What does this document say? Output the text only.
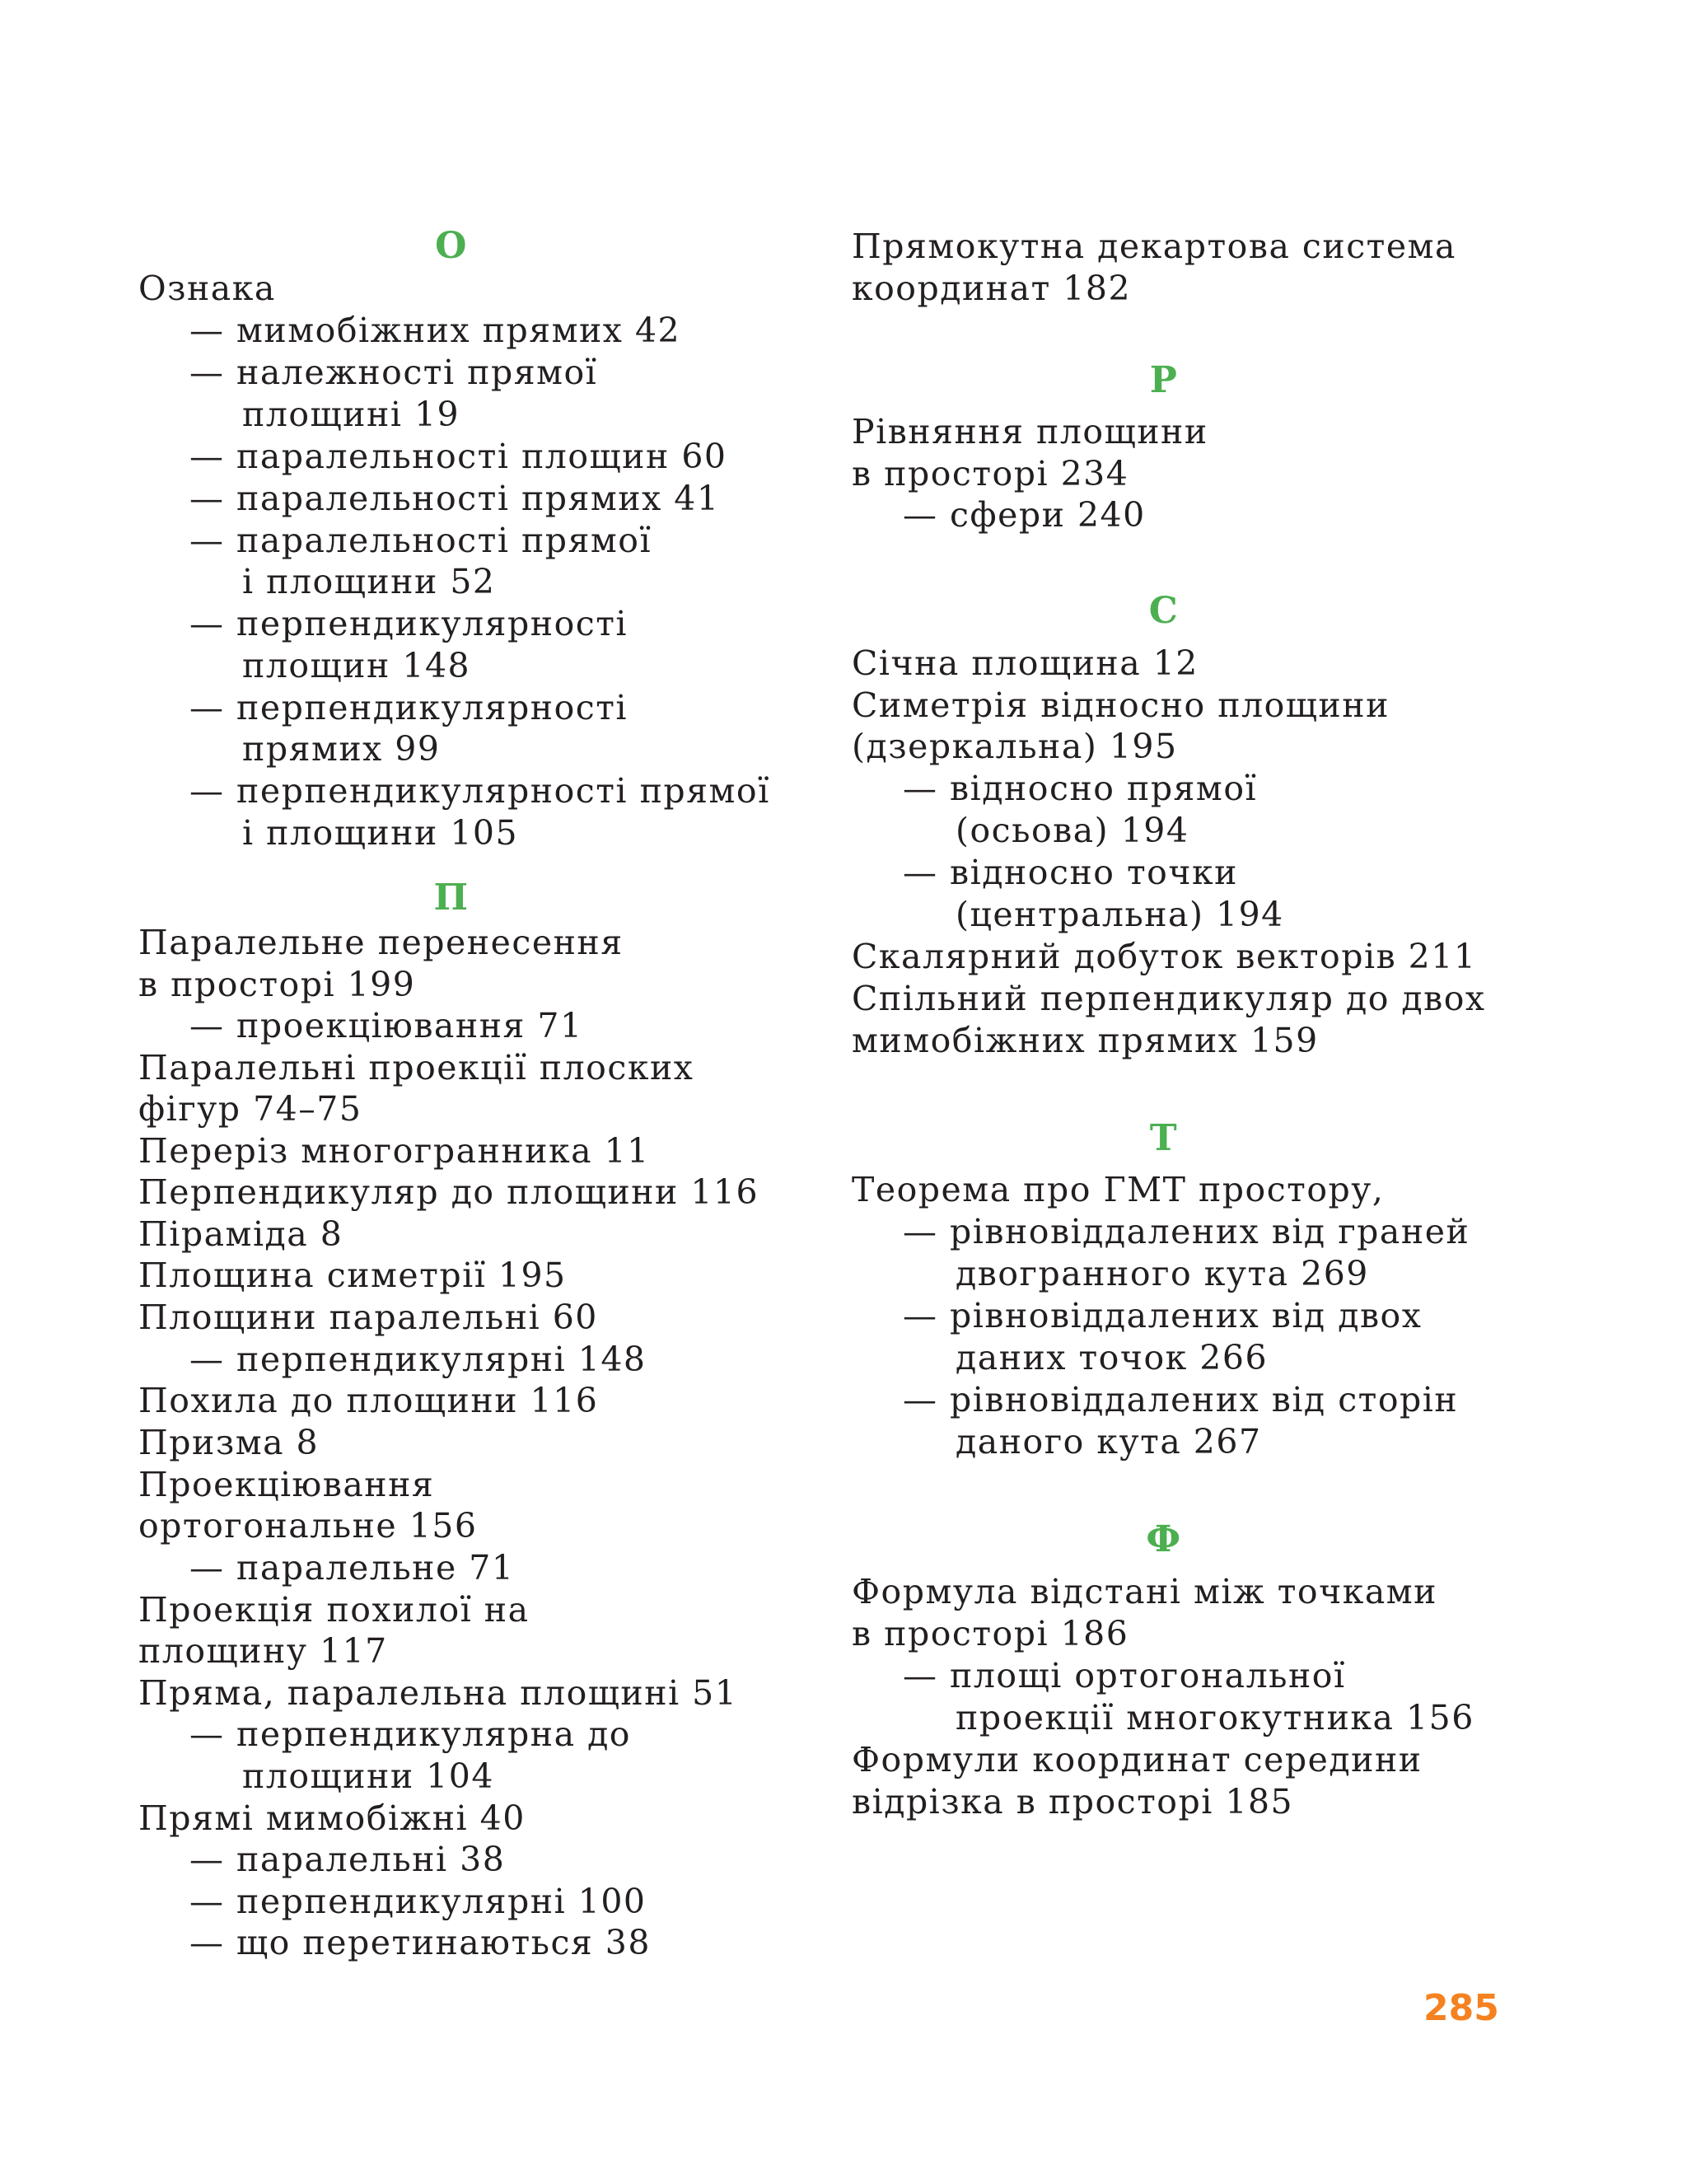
О
Ознака
— мимобіжних прямих 42
— належності прямої
площині 19
— паралельності площин 60
— паралельності прямих 41
— паралельності прямої
і площини 52
— перпендикулярності
площин 148
— перпендикулярності
прямих 99
— перпендикулярності прямої
і площини 105
П
Паралельне перенесення
в просторі 199
— проекціювання 71
Паралельні проекції плоских
фігур 74–75
Переріз многогранника 11
Перпендикуляр до площини 116
Піраміда 8
Площина симетрії 195
Площини паралельні 60
— перпендикулярні 148
Похила до площини 116
Призма 8
Проекціювання
ортогональне 156
— паралельне 71
Проекція похилої на
площину 117
Пряма, паралельна площині 51
— перпендикулярна до
площини 104
Прямі мимобіжні 40
— паралельні 38
— перпендикулярні 100
— що перетинаються 38
Прямокутна декартова система
координат 182
Р
Рівняння площини
в просторі 234
— сфери 240
С
Січна площина 12
Симетрія відносно площини
(дзеркальна) 195
— відносно прямої
(осьова) 194
— відносно точки
(центральна) 194
Скалярний добуток векторів 211
Спільний перпендикуляр до двох
мимобіжних прямих 159
Т
Теорема про ГМТ простору,
— рівновіддалених від граней
двогранного кута 269
— рівновіддалених від двох
даних точок 266
— рівновіддалених від сторін
даного кута 267
Ф
Формула відстані між точками
в просторі 186
— площі ортогональної
проекції многокутника 156
Формули координат середини
відрізка в просторі 185
285
